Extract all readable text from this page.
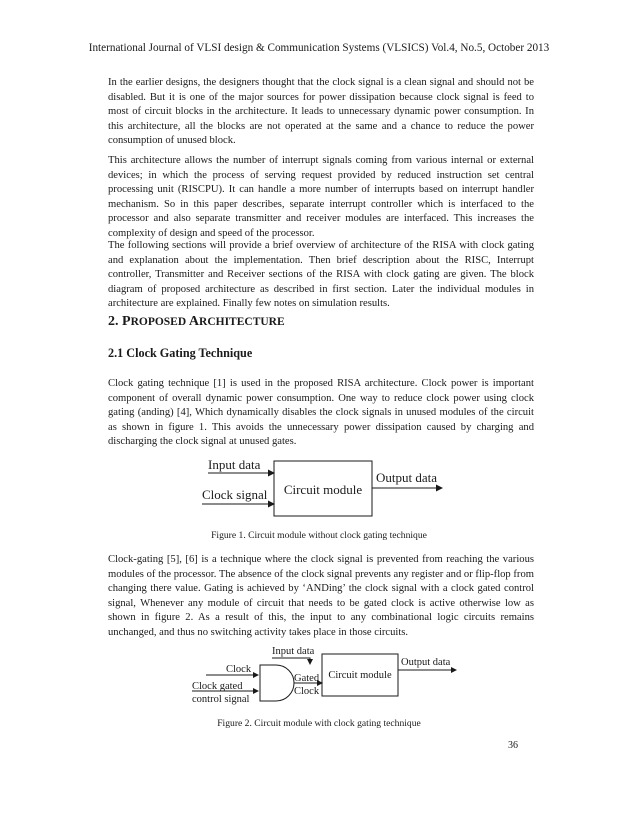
International Journal of VLSI design & Communication Systems (VLSICS) Vol.4, No.5, October 2013

In the earlier designs, the designers thought that the clock signal is a clean signal and should not be disabled. But it is one of the major sources for power dissipation because clock signal is feed to most of circuit blocks in the architecture. It leads to unnecessary dynamic power consumption. In this architecture, all the blocks are not operated at the same and a chance to reduce the power consumption of unused block.

This architecture allows the number of interrupt signals coming from various internal or external devices; in which the process of serving request provided by reduced instruction set central processing unit (RISCPU). It can handle a more number of interrupts based on interrupt handler mechanism. So in this paper describes, separate interrupt controller which is interfaced to the processor and also separate transmitter and receiver modules are interfaced. This increases the complexity of design and speed of the processor.

The following sections will provide a brief overview of architecture of the RISA with clock gating and explanation about the implementation. Then brief description about the RISC, Interrupt controller, Transmitter and Receiver sections of the RISA with clock gating are given. The block diagram of proposed architecture as described in first section. Later the individual modules in architecture are explained. Finally few notes on simulation results.

2. PROPOSED ARCHITECTURE
2.1 Clock Gating Technique

Clock gating technique [1] is used in the proposed RISA architecture. Clock power is important component of overall dynamic power consumption. One way to reduce clock power using clock gating (anding) [4], Which dynamically disables the clock signals in unused modules of the circuit as shown in figure 1. This avoids the unnecessary power dissipation caused by charging and discharging the clock signal at unused gates.

Input data
Clock signal Circuit module
Output data
Figure 1. Circuit module without clock gating technique

Clock-gating [5], [6] is a technique where the clock signal is prevented from reaching the various modules of the processor. The absence of the clock signal prevents any register and or flip-flop from changing there value. Gating is achieved by ‘ANDing’ the clock signal with a clock gated control signal, Whenever any module of circuit that needs to be gated clock is active otherwise low as shown in figure 2. As a result of this, the input to any combinational logic circuits remains unchanged, and thus no switching activity takes place in those circuits.

Input data
Clock
Clock gated
control signal
Gated
Clock
Circuit module
Output data
Figure 2. Circuit module with clock gating technique
36
